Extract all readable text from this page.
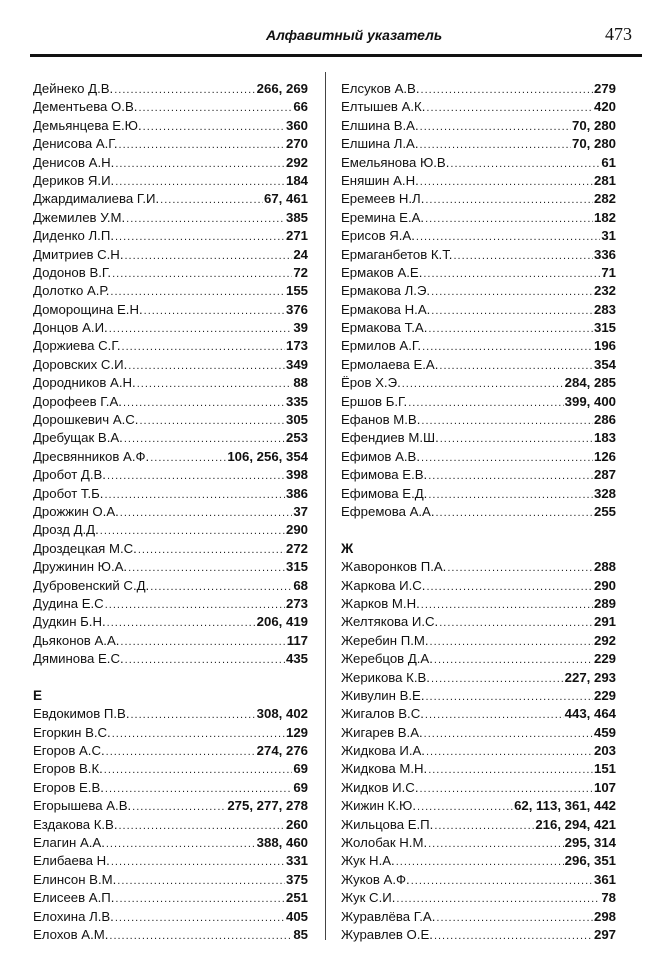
Алфавитный указатель	473
Дейнеко Д.В. .....	266, 269
Дементьева О.В. .....	66
Демьянцева Е.Ю. .....	360
Денисова А.Г. .....	270
Денисов А.Н. .....	292
Дериков Я.И. .....	184
Джардималиева Г.И. .....	67, 461
Джемилев У.М. .....	385
Диденко Л.П. .....	271
Дмитриев С.Н. .....	24
Додонов В.Г. .....	72
Долотко А.Р. .....	155
Доморощина Е.Н. .....	376
Донцов А.И. .....	39
Доржиева С.Г. .....	173
Доровских С.И. .....	349
Дородников А.Н. .....	88
Дорофеев Г.А. .....	335
Дорошкевич А.С. .....	305
Дребущак В.А. .....	253
Дресвянников А.Ф. .....	106, 256, 354
Дробот Д.В. .....	398
Дробот Т.Б. .....	386
Дрожжин О.А. .....	37
Дрозд Д.Д. .....	290
Дроздецкая М.С. .....	272
Дружинин Ю.А. .....	315
Дубровенский С.Д. .....	68
Дудина Е.С .....	273
Дудкин Б.Н. .....	206, 419
Дьяконов А.А. .....	117
Дяминова Е.С. .....	435
Е
Евдокимов П.В. .....	308, 402
Егоркин В.С. .....	129
Егоров А.С. .....	274, 276
Егоров В.К. .....	69
Егоров Е.В. .....	69
Егорышева А.В. .....	275, 277, 278
Ездакова К.В. .....	260
Елагин А.А. .....	388, 460
Елибаева Н. .....	331
Елинсон В.М. .....	375
Елисеев А.П. .....	251
Елохина Л.В. .....	405
Елохов А.М. .....	85
Елсуков А.В. .....	279
Елтышев А.К. .....	420
Елшина В.А. .....	70, 280
Елшина Л.А. .....	70, 280
Емельянова Ю.В. .....	61
Еняшин А.Н. .....	281
Еремеев Н.Л. .....	282
Еремина Е.А. .....	182
Ерисов Я.А. .....	31
Ермаганбетов К.Т. .....	336
Ермаков А.Е. .....	71
Ермакова Л.Э. .....	232
Ермакова Н.А. .....	283
Ермакова Т.А. .....	315
Ермилов А.Г. .....	196
Ермолаева Е.А. .....	354
Ёров Х.Э. .....	284, 285
Ершов Б.Г. .....	399, 400
Ефанов М.В. .....	286
Ефендиев М.Ш. .....	183
Ефимов А.В. .....	126
Ефимова Е.В. .....	287
Ефимова Е.Д. .....	328
Ефремова А.А. .....	255
Ж
Жаворонков П.А. .....	288
Жаркова И.С. .....	290
Жарков М.Н. .....	289
Желтякова И.С. .....	291
Жеребин П.М. .....	292
Жеребцов Д.А. .....	229
Жерикова К.В. .....	227, 293
Живулин В.Е. .....	229
Жигалов В.С. .....	443, 464
Жигарев В.А. .....	459
Жидкова И.А. .....	203
Жидкова М.Н. .....	151
Жидков И.С. .....	107
Жижин К.Ю. .....	62, 113, 361, 442
Жильцова Е.П. .....	216, 294, 421
Жолобак Н.М. .....	295, 314
Жук Н.А. .....	296, 351
Жуков А.Ф. .....	361
Жук С.И. .....	78
Журавлёва Г.А. .....	298
Журавлев О.Е. .....	297
